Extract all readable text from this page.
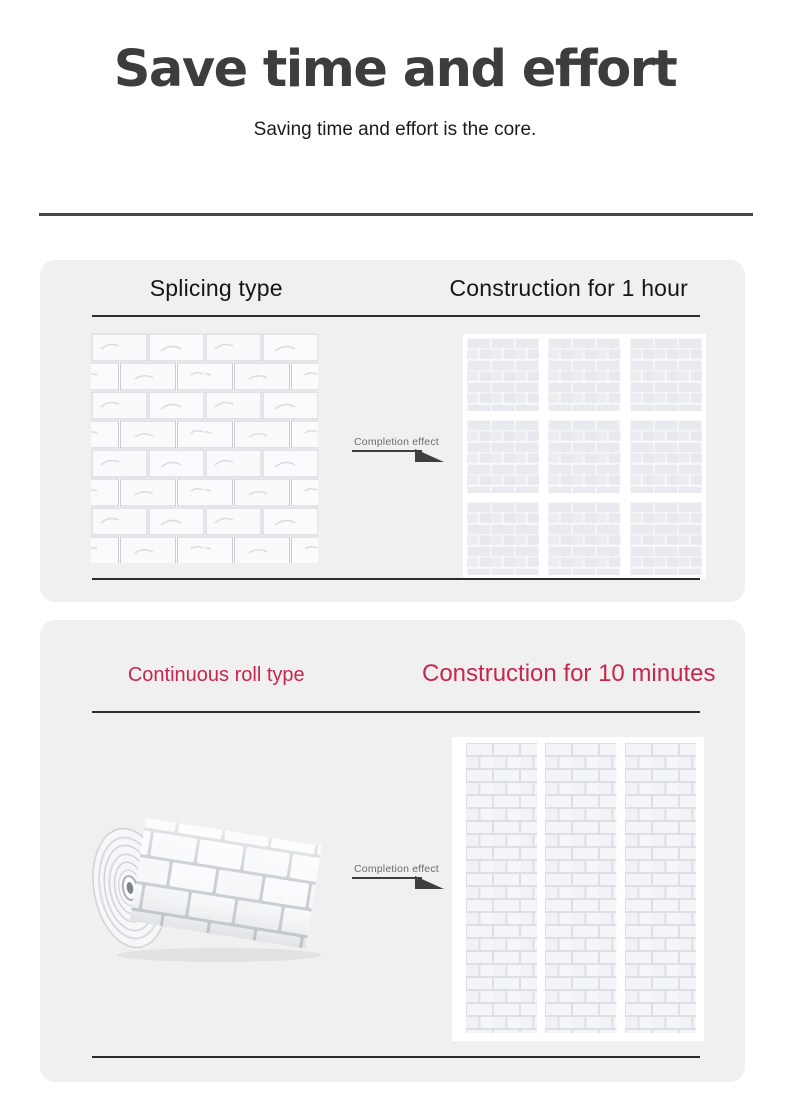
Save time and effort

Saving time and effort is the core.

Splicing type	Construction for 1 hour
Completion effect
Continuous roll type	Construction for 10 minutes
Completion effect
